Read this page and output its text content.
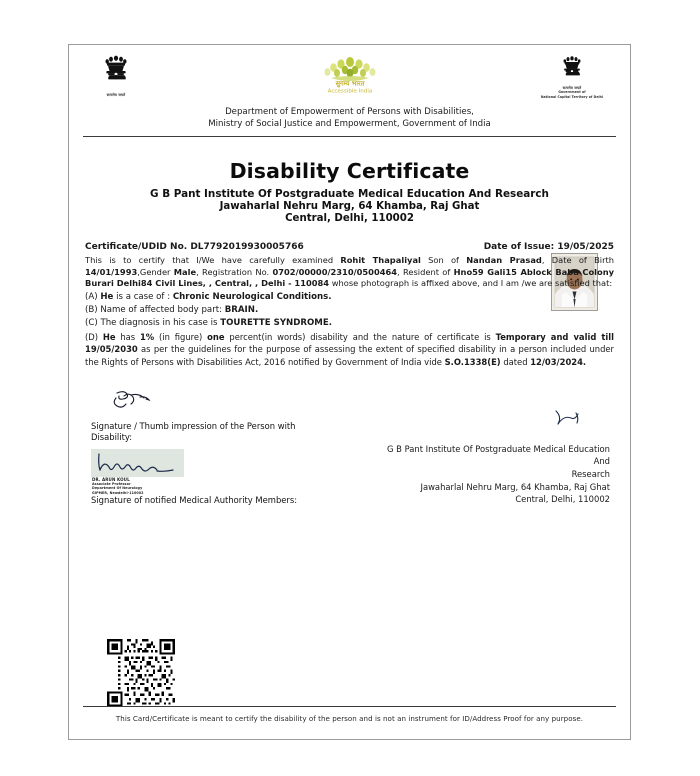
सत्यमेव जयते
सुगम्य भारत
Accessible India
सत्यमेव जयते
Government of
National Capital Territory of Delhi
Department of Empowerment of Persons with Disabilities,
Ministry of Social Justice and Empowerment, Government of India
Disability Certificate
G B Pant Institute Of Postgraduate Medical Education And Research
Jawaharlal Nehru Marg, 64 Khamba, Raj Ghat
Central, Delhi, 110002
Certificate/UDID No. DL7792019930005766	Date of Issue: 19/05/2025
This is to certify that I/We have carefully examined Rohit Thapaliyal Son of Nandan Prasad, Date of Birth 14/01/1993,Gender Male, Registration No. 0702/00000/2310/0500464, Resident of Hno59 Gali15 Ablock Baba Colony Burari Delhi84 Civil Lines, , Central, , Delhi - 110084 whose photograph is affixed above, and I am /we are satisfied that:
(A) He is a case of : Chronic Neurological Conditions.
(B) Name of affected body part: BRAIN.
(C) The diagnosis in his case is TOURETTE SYNDROME.
(D) He has 1% (in figure) one percent(in words) disability and the nature of certificate is Temporary and valid till 19/05/2030 as per the guidelines for the purpose of assessing the extent of specified disability in a person included under the Rights of Persons with Disabilities Act, 2016 notified by Government of India vide S.O.1338(E) dated 12/03/2024.
Signature / Thumb impression of the Person with
Disability:
DR. ARUN KOUL
Associate Professor
Department Of Neurology
GIPMER, Newdelhi-110002
Signature of notified Medical Authority Members:
G B Pant Institute Of Postgraduate Medical Education And
Research
Jawaharlal Nehru Marg, 64 Khamba, Raj Ghat
Central, Delhi, 110002
This Card/Certificate is meant to certify the disability of the person and is not an instrument for ID/Address Proof for any purpose.
